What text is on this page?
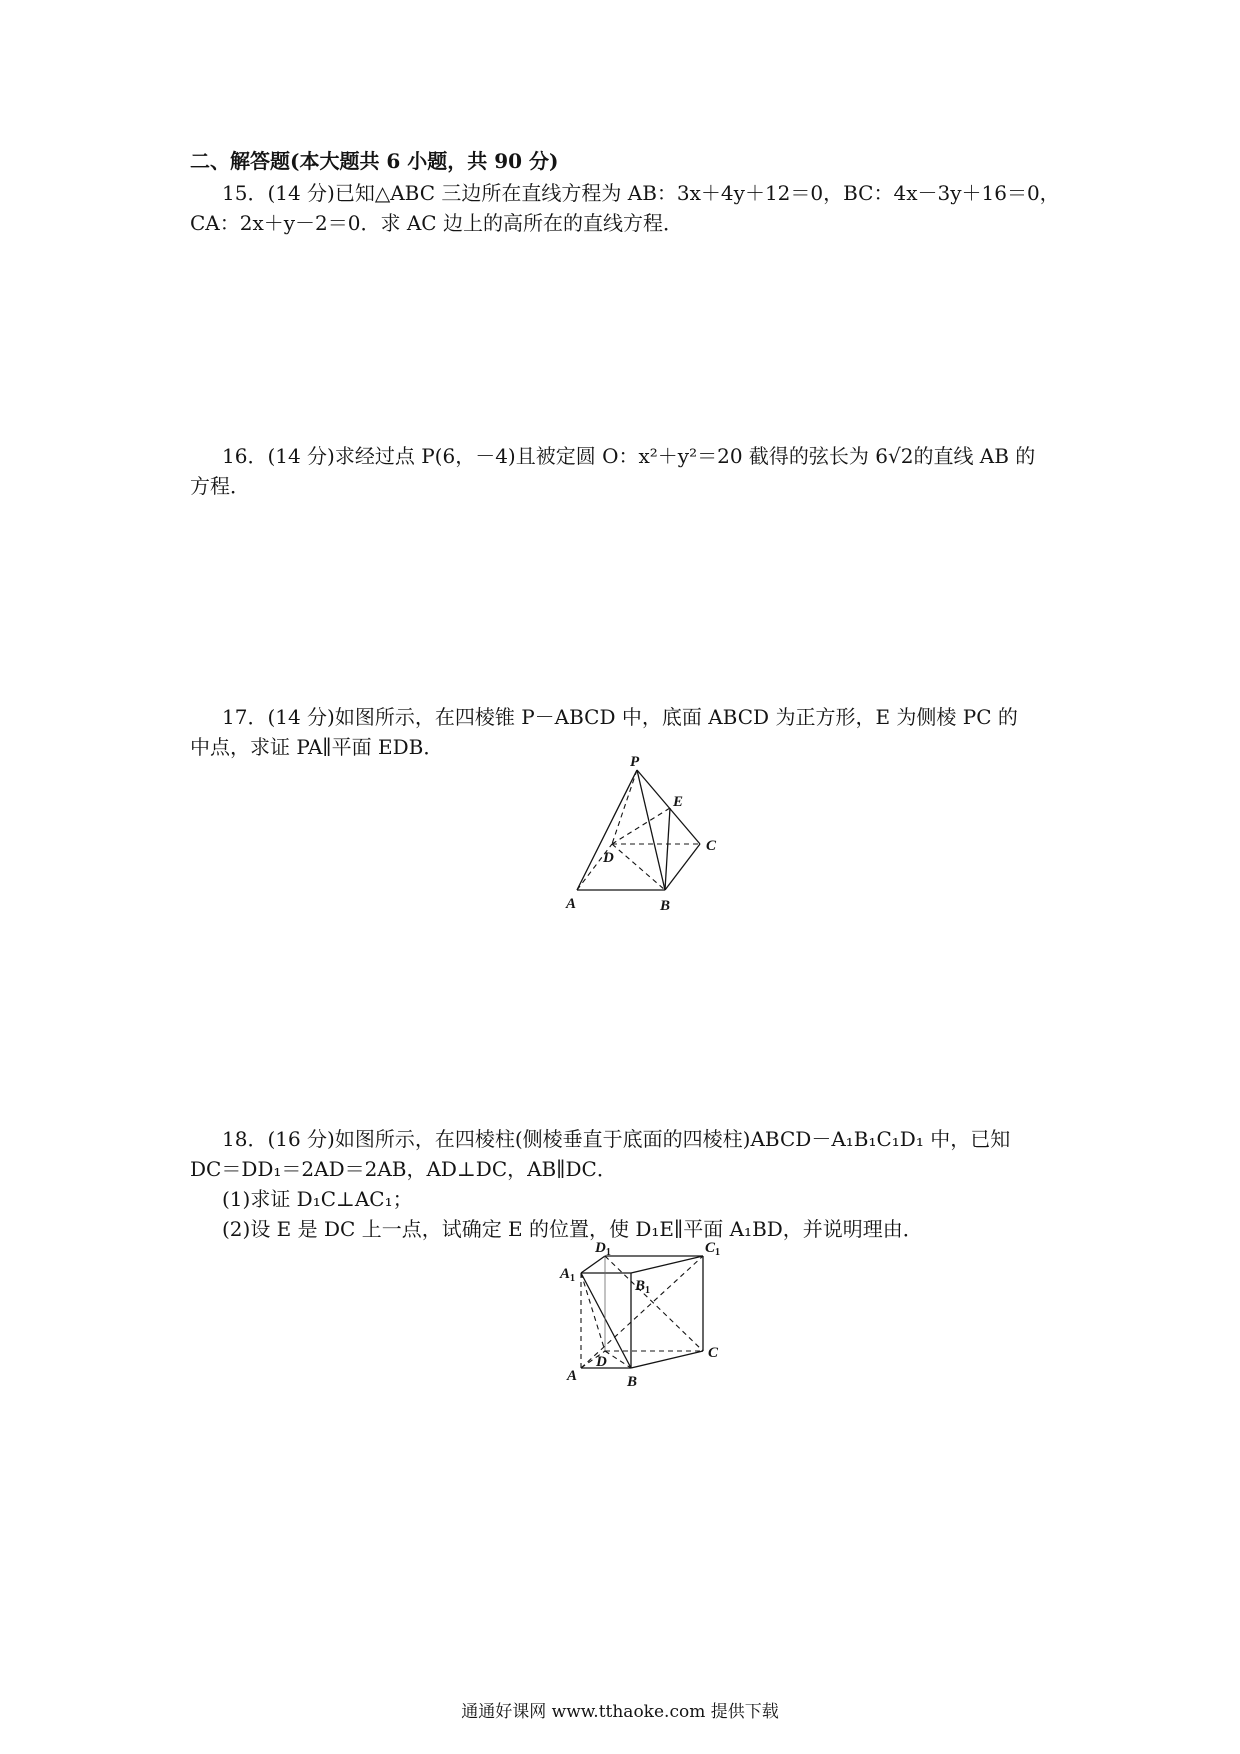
二、解答题(本大题共 6 小题，共 90 分)
15．(14 分)已知△ABC 三边所在直线方程为 AB：3x＋4y＋12＝0，BC：4x－3y＋16＝0，
CA：2x＋y－2＝0．求 AC 边上的高所在的直线方程．
16．(14 分)求经过点 P(6，－4)且被定圆 O：x²＋y²＝20 截得的弦长为 6√2的直线 AB 的
方程．
17．(14 分)如图所示，在四棱锥 P－ABCD 中，底面 ABCD 为正方形，E 为侧棱 PC 的
中点，求证 PA∥平面 EDB．
P
E
D
C
A	B
18．(16 分)如图所示，在四棱柱(侧棱垂直于底面的四棱柱)ABCD－A₁B₁C₁D₁ 中，已知
DC＝DD₁＝2AD＝2AB，AD⊥DC，AB∥DC．
(1)求证 D₁C⊥AC₁；
(2)设 E 是 DC 上一点，试确定 E 的位置，使 D₁E∥平面 A₁BD，并说明理由．
$D_1$	$C_1$
$A_1$	$B_1$
D
C
A	B
通通好课网 www.tthaoke.com 提供下载
